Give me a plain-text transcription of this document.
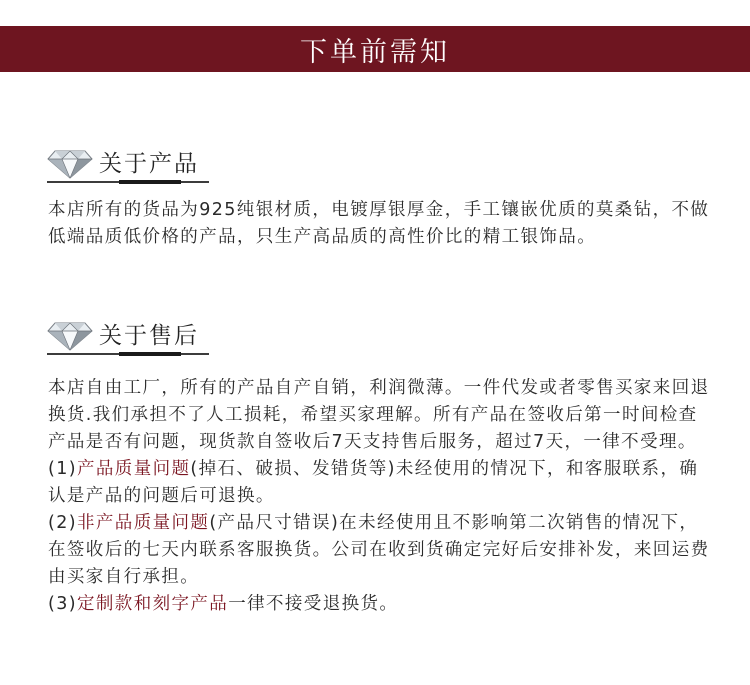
下单前需知
关于产品

本店所有的货品为925纯银材质，电镀厚银厚金，手工镶嵌优质的莫桑钻，不做低端品质低价格的产品，只生产高品质的高性价比的精工银饰品。

关于售后
本店自由工厂，所有的产品自产自销，利润微薄。一件代发或者零售买家来回退换货.我们承担不了人工损耗，希望买家理解。所有产品在签收后第一时间检查产品是否有问题，现货款自签收后7天支持售后服务，超过7天，一律不受理。
(1)产品质量问题(掉石、破损、发错货等)未经使用的情况下，和客服联系，确认是产品的问题后可退换。
(2)非产品质量问题(产品尺寸错误)在未经使用且不影响第二次销售的情况下，在签收后的七天内联系客服换货。公司在收到货确定完好后安排补发，来回运费由买家自行承担。
(3)定制款和刻字产品一律不接受退换货。
